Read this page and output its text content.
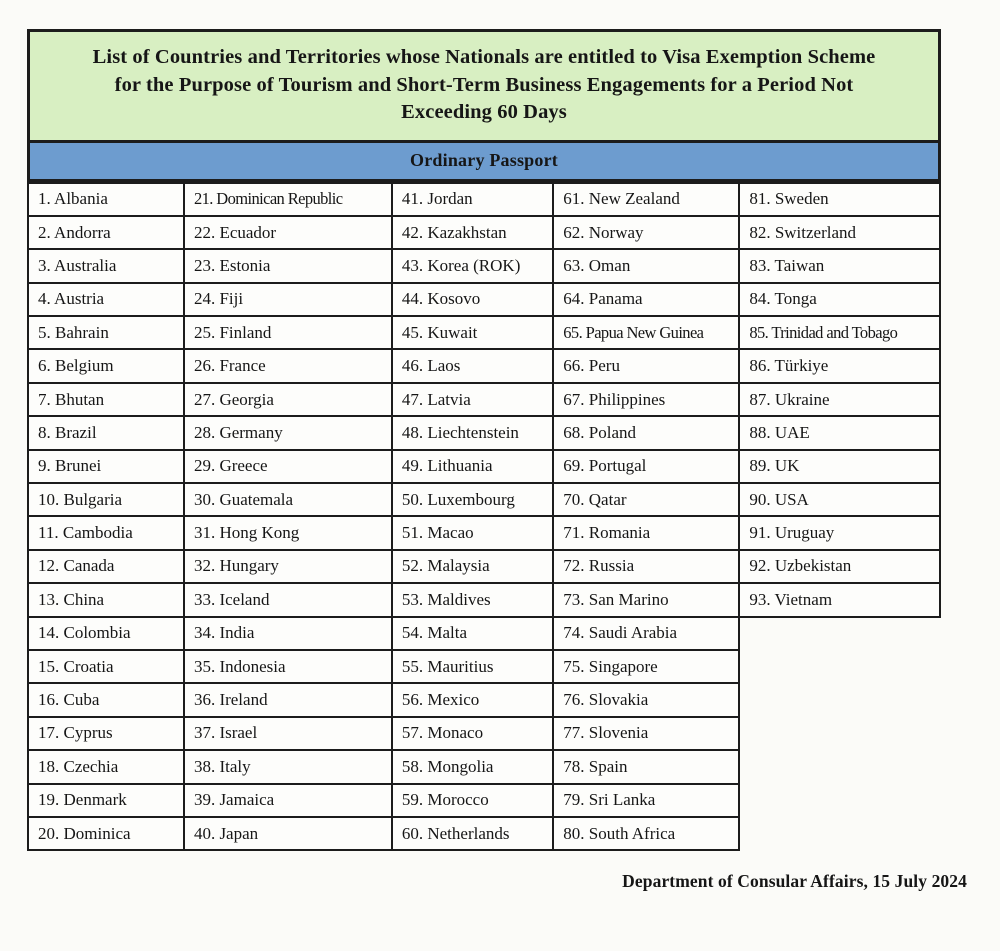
List of Countries and Territories whose Nationals are entitled to Visa Exemption Scheme
for the Purpose of Tourism and Short-Term Business Engagements for a Period Not
Exceeding 60 Days
Ordinary Passport
1. Albania	21. Dominican Republic	41. Jordan	61. New Zealand	81. Sweden
2. Andorra	22. Ecuador	42. Kazakhstan	62. Norway	82. Switzerland
3. Australia	23. Estonia	43. Korea (ROK)	63. Oman	83. Taiwan
4. Austria	24. Fiji	44. Kosovo	64. Panama	84. Tonga
5. Bahrain	25. Finland	45. Kuwait	65. Papua New Guinea	85. Trinidad and Tobago
6. Belgium	26. France	46. Laos	66. Peru	86. Türkiye
7. Bhutan	27. Georgia	47. Latvia	67. Philippines	87. Ukraine
8. Brazil	28. Germany	48. Liechtenstein	68. Poland	88. UAE
9. Brunei	29. Greece	49. Lithuania	69. Portugal	89. UK
10. Bulgaria	30. Guatemala	50. Luxembourg	70. Qatar	90. USA
11. Cambodia	31. Hong Kong	51. Macao	71. Romania	91. Uruguay
12. Canada	32. Hungary	52. Malaysia	72. Russia	92. Uzbekistan
13. China	33. Iceland	53. Maldives	73. San Marino	93. Vietnam
14. Colombia	34. India	54. Malta	74. Saudi Arabia	
15. Croatia	35. Indonesia	55. Mauritius	75. Singapore	
16. Cuba	36. Ireland	56. Mexico	76. Slovakia	
17. Cyprus	37. Israel	57. Monaco	77. Slovenia	
18. Czechia	38. Italy	58. Mongolia	78. Spain	
19. Denmark	39. Jamaica	59. Morocco	79. Sri Lanka	
20. Dominica	40. Japan	60. Netherlands	80. South Africa	
Department of Consular Affairs, 15 July 2024
